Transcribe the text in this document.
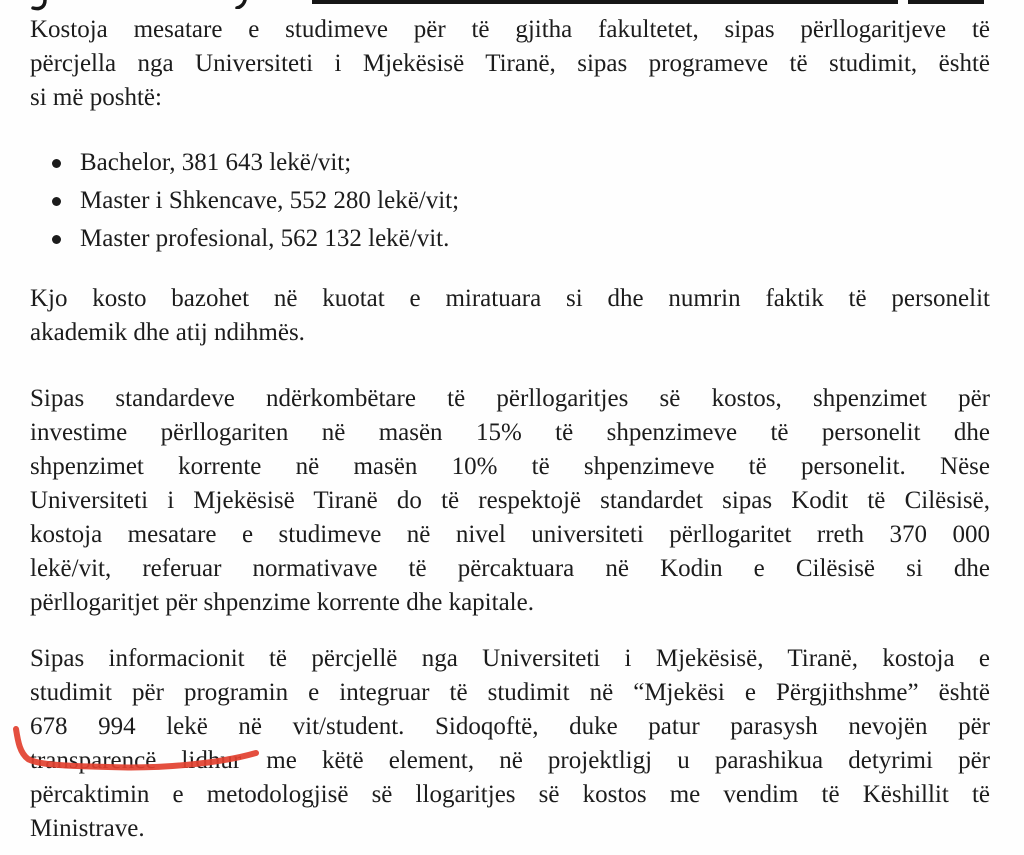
Kostoja mesatare e studimeve për të gjitha fakultetet, sipas përllogaritjeve të
përcjella nga Universiteti i Mjekësisë Tiranë, sipas programeve të studimit, është
si më poshtë:
Bachelor, 381 643 lekë/vit;
Master i Shkencave, 552 280 lekë/vit;
Master profesional, 562 132 lekë/vit.
Kjo kosto bazohet në kuotat e miratuara si dhe numrin faktik të personelit
akademik dhe atij ndihmës.
Sipas standardeve ndërkombëtare të përllogaritjes së kostos, shpenzimet për
investime përllogariten në masën 15% të shpenzimeve të personelit dhe
shpenzimet korrente në masën 10% të shpenzimeve të personelit. Nëse
Universiteti i Mjekësisë Tiranë do të respektojë standardet sipas Kodit të Cilësisë,
kostoja mesatare e studimeve në nivel universiteti përllogaritet rreth 370 000
lekë/vit, referuar normativave të përcaktuara në Kodin e Cilësisë si dhe
përllogaritjet për shpenzime korrente dhe kapitale.
Sipas informacionit të përcjellë nga Universiteti i Mjekësisë, Tiranë, kostoja e
studimit për programin e integruar të studimit në “Mjekësi e Përgjithshme” është
678 994 lekë në vit/student. Sidoqoftë, duke patur parasysh nevojën për
transparencë lidhur me këtë element, në projektligj u parashikua detyrimi për
përcaktimin e metodologjisë së llogaritjes së kostos me vendim të Këshillit të
Ministrave.
